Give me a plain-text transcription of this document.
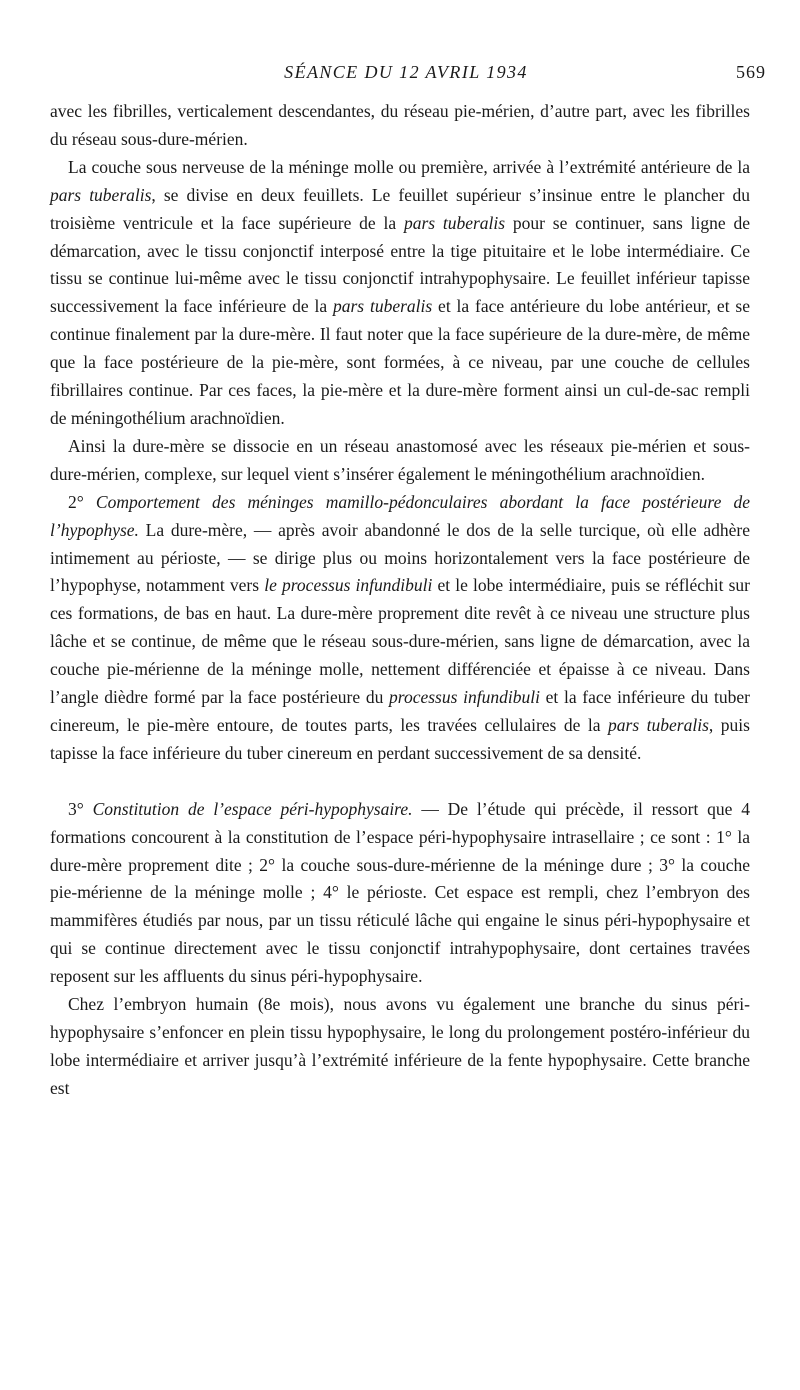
SÉANCE DU 12 AVRIL 1934	569

avec les fibrilles, verticalement descendantes, du réseau pie-mérien, d’autre part, avec les fibrilles du réseau sous-dure-mérien.

La couche sous nerveuse de la méninge molle ou première, arrivée à l’extrémité antérieure de la pars tuberalis, se divise en deux feuillets. Le feuillet supérieur s’insinue entre le plancher du troisième ventricule et la face supérieure de la pars tuberalis pour se continuer, sans ligne de démarcation, avec le tissu conjonctif interposé entre la tige pituitaire et le lobe intermédiaire. Ce tissu se continue lui-même avec le tissu conjonctif intrahypophysaire. Le feuillet inférieur tapisse successivement la face inférieure de la pars tuberalis et la face antérieure du lobe antérieur, et se continue finalement par la dure-mère. Il faut noter que la face supérieure de la dure-mère, de même que la face postérieure de la pie-mère, sont formées, à ce niveau, par une couche de cellules fibrillaires continue. Par ces faces, la pie-mère et la dure-mère forment ainsi un cul-de-sac rempli de méningothélium arachnoïdien.

Ainsi la dure-mère se dissocie en un réseau anastomosé avec les réseaux pie-mérien et sous-dure-mérien, complexe, sur lequel vient s’insérer également le méningothélium arachnoïdien.

2° Comportement des méninges mamillo-pédonculaires abordant la face postérieure de l’hypophyse. La dure-mère, — après avoir abandonné le dos de la selle turcique, où elle adhère intimement au périoste, — se dirige plus ou moins horizontalement vers la face postérieure de l’hypophyse, notamment vers le processus infundibuli et le lobe intermédiaire, puis se réfléchit sur ces formations, de bas en haut. La dure-mère proprement dite revêt à ce niveau une structure plus lâche et se continue, de même que le réseau sous-dure-mérien, sans ligne de démarcation, avec la couche pie-mérienne de la méninge molle, nettement différenciée et épaisse à ce niveau. Dans l’angle dièdre formé par la face postérieure du processus infundibuli et la face inférieure du tuber cinereum, le pie-mère entoure, de toutes parts, les travées cellulaires de la pars tuberalis, puis tapisse la face inférieure du tuber cinereum en perdant successivement de sa densité.

3° Constitution de l’espace péri-hypophysaire. — De l’étude qui précède, il ressort que 4 formations concourent à la constitution de l’espace péri-hypophysaire intrasellaire ; ce sont : 1° la dure-mère proprement dite ; 2° la couche sous-dure-mérienne de la méninge dure ; 3° la couche pie-mérienne de la méninge molle ; 4° le périoste. Cet espace est rempli, chez l’embryon des mammifères étudiés par nous, par un tissu réticulé lâche qui engaine le sinus péri-hypophysaire et qui se continue directement avec le tissu conjonctif intrahypophysaire, dont certaines travées reposent sur les affluents du sinus péri-hypophysaire.

Chez l’embryon humain (8e mois), nous avons vu également une branche du sinus péri-hypophysaire s’enfoncer en plein tissu hypophysaire, le long du prolongement postéro-inférieur du lobe intermédiaire et arriver jusqu’à l’extrémité inférieure de la fente hypophysaire. Cette branche est
